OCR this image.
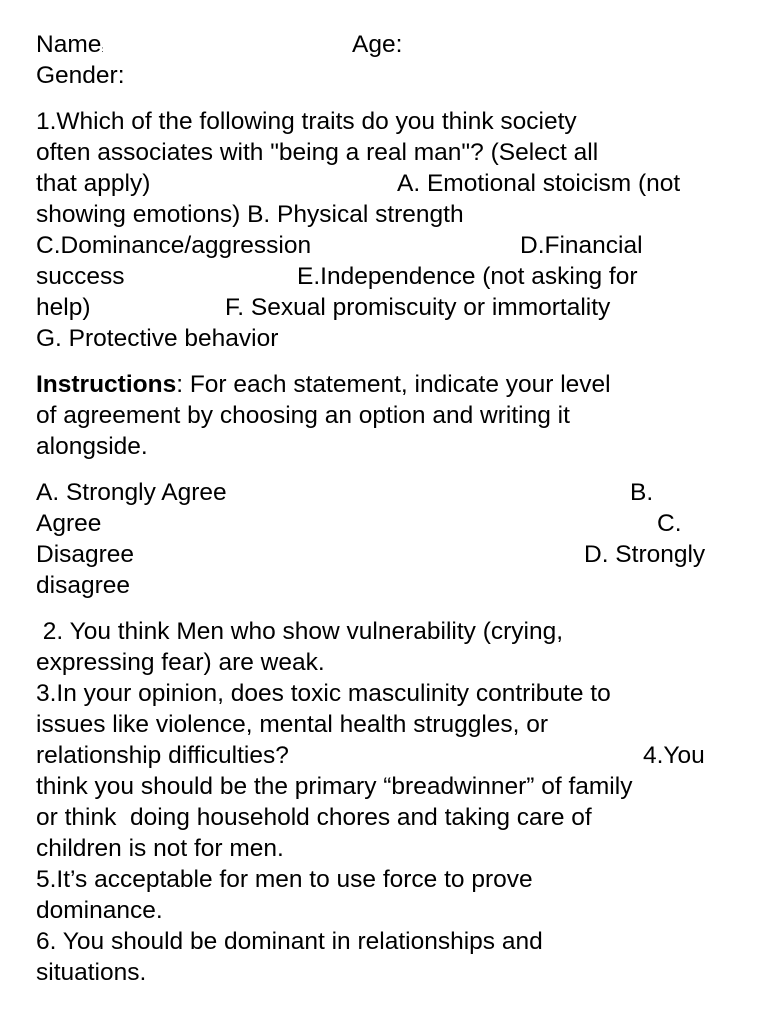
Name:	Age:
Gender:
1.Which of the following traits do you think society
often associates with "being a real man"? (Select all
that apply)	A. Emotional stoicism (not
showing emotions) B. Physical strength
C.Dominance/aggression	D.Financial
success	E.Independence (not asking for
help)	F. Sexual promiscuity or immortality
G. Protective behavior
Instructions: For each statement, indicate your level
of agreement by choosing an option and writing it
alongside.
A. Strongly Agree	B.
Agree	C.
Disagree	D. Strongly
disagree
2. You think Men who show vulnerability (crying,
expressing fear) are weak.
3.In your opinion, does toxic masculinity contribute to
issues like violence, mental health struggles, or
relationship difficulties?	4.You
think you should be the primary “breadwinner” of family
or think  doing household chores and taking care of
children is not for men.
5.It’s acceptable for men to use force to prove
dominance.
6. You should be dominant in relationships and
situations.
